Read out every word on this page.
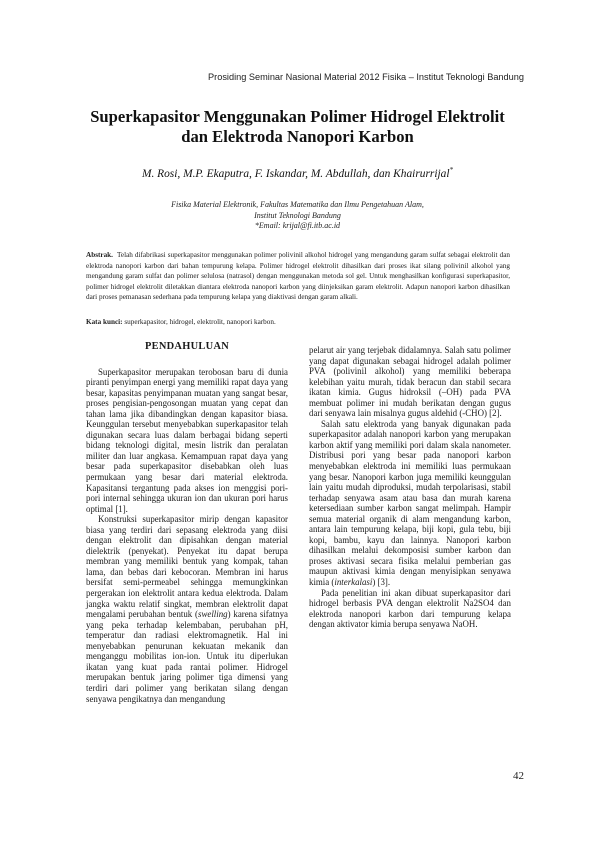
Prosiding Seminar Nasional Material 2012 Fisika – Institut Teknologi Bandung
Superkapasitor Menggunakan Polimer Hidrogel Elektrolit
dan Elektroda Nanopori Karbon
M. Rosi, M.P. Ekaputra, F. Iskandar, M. Abdullah, dan Khairurrijal*
Fisika Material Elektronik, Fakultas Matematika dan Ilmu Pengetahuan Alam,
Institut Teknologi Bandung
*Email: krijal@fi.itb.ac.id
Abstrak. Telah difabrikasi superkapasitor menggunakan polimer polivinil alkohol hidrogel yang mengandung garam sulfat sebagai elektrolit dan elektroda nanopori karbon dari bahan tempurung kelapa. Polimer hidrogel elektrolit dihasilkan dari proses ikat silang polivinil alkohol yang mengandung garam sulfat dan polimer selulosa (natrasol) dengan menggunakan metoda sol gel. Untuk menghasilkan konfigurasi superkapasitor, polimer hidrogel elektrolit diletakkan diantara elektroda nanopori karbon yang diinjeksikan garam elektrolit. Adapun nanopori karbon dihasilkan dari proses pemanasan sederhana pada tempurung kelapa yang diaktivasi dengan garam alkali.
Kata kunci: superkapasitor, hidrogel, elektrolit, nanopori karbon.
PENDAHULUAN

Superkapasitor merupakan terobosan baru di dunia piranti penyimpan energi yang memiliki rapat daya yang besar, kapasitas penyimpanan muatan yang sangat besar, proses pengisian-pengosongan muatan yang cepat dan tahan lama jika dibandingkan dengan kapasitor biasa. Keunggulan tersebut menyebabkan superkapasitor telah digunakan secara luas dalam berbagai bidang seperti bidang teknologi digital, mesin listrik dan peralatan militer dan luar angkasa. Kemampuan rapat daya yang besar pada superkapasitor disebabkan oleh luas permukaan yang besar dari material elektroda. Kapasitansi tergantung pada akses ion menggisi pori-pori internal sehingga ukuran ion dan ukuran pori harus optimal [1].

Konstruksi superkapasitor mirip dengan kapasitor biasa yang terdiri dari sepasang elektroda yang diisi dengan elektrolit dan dipisahkan dengan material dielektrik (penyekat). Penyekat itu dapat berupa membran yang memiliki bentuk yang kompak, tahan lama, dan bebas dari kebocoran. Membran ini harus bersifat semi-permeabel sehingga memungkinkan pergerakan ion elektrolit antara kedua elektroda. Dalam jangka waktu relatif singkat, membran elektrolit dapat mengalami perubahan bentuk (swelling) karena sifatnya yang peka terhadap kelembaban, perubahan pH, temperatur dan radiasi elektromagnetik. Hal ini menyebabkan penurunan kekuatan mekanik dan menganggu mobilitas ion-ion. Untuk itu diperlukan ikatan yang kuat pada rantai polimer. Hidrogel merupakan bentuk jaring polimer tiga dimensi yang terdiri dari polimer yang berikatan silang dengan senyawa pengikatnya dan mengandung

pelarut air yang terjebak didalamnya. Salah satu polimer yang dapat digunakan sebagai hidrogel adalah polimer PVA (polivinil alkohol) yang memiliki beberapa kelebihan yaitu murah, tidak beracun dan stabil secara ikatan kimia. Gugus hidroksil (–OH) pada PVA membuat polimer ini mudah berikatan dengan gugus dari senyawa lain misalnya gugus aldehid (-CHO) [2].

Salah satu elektroda yang banyak digunakan pada superkapasitor adalah nanopori karbon yang merupakan karbon aktif yang memiliki pori dalam skala nanometer. Distribusi pori yang besar pada nanopori karbon menyebabkan elektroda ini memiliki luas permukaan yang besar. Nanopori karbon juga memiliki keunggulan lain yaitu mudah diproduksi, mudah terpolarisasi, stabil terhadap senyawa asam atau basa dan murah karena ketersediaan sumber karbon sangat melimpah. Hampir semua material organik di alam mengandung karbon, antara lain tempurung kelapa, biji kopi, gula tebu, biji kopi, bambu, kayu dan lainnya. Nanopori karbon dihasilkan melalui dekomposisi sumber karbon dan proses aktivasi secara fisika melalui pemberian gas maupun aktivasi kimia dengan menyisipkan senyawa kimia (interkalasi) [3].

Pada penelitian ini akan dibuat superkapasitor dari hidrogel berbasis PVA dengan elektrolit Na2SO4 dan elektroda nanopori karbon dari tempurung kelapa dengan aktivator kimia berupa senyawa NaOH.

42
